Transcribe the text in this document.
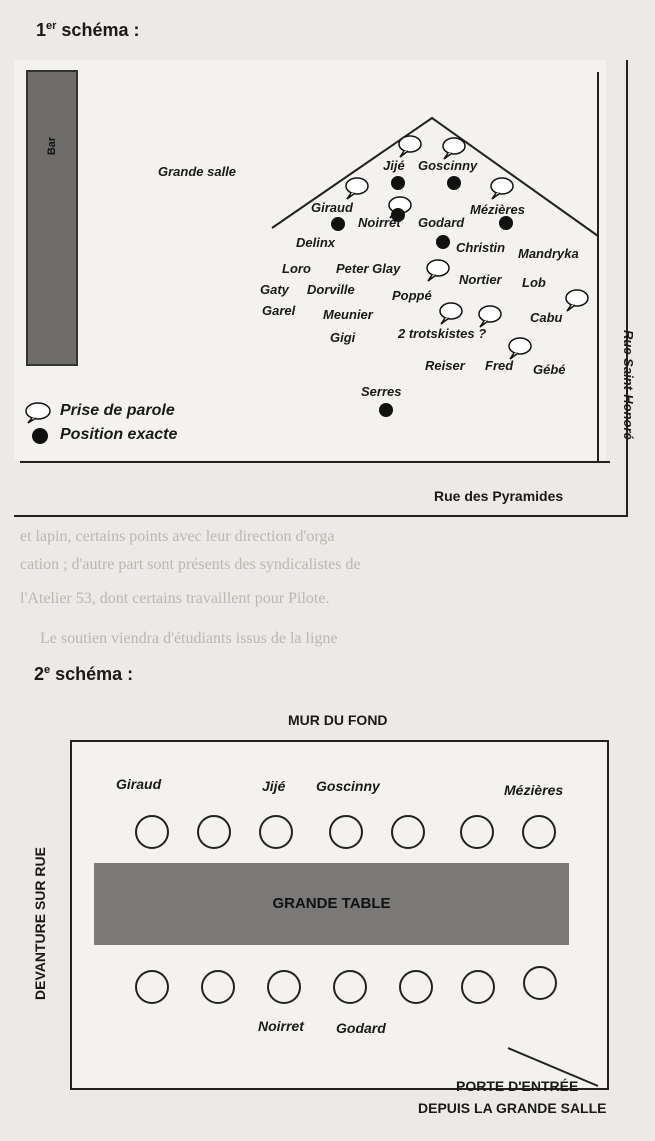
et lapin, certains points avec leur direction d'orga
cation ; d'autre part sont présents des syndicalistes de
l'Atelier 53, dont certains travaillent pour Pilote.
Le soutien viendra d'étudiants issus de la ligne
1er schéma :
Bar
Grande salle	Jijé Goscinny
Giraud	Mézières
Noirret Godard
Delinx	Christin Mandryka
Loro Peter Glay
Nortier Lob
Gaty Dorville	Poppé
Garel Meunier	Cabu
2 trotskistes ?
Gigi
Reiser Fred Gébé
Serres
Prise de parole
Position exacte	Rue Saint-Honoré
Rue des Pyramides
2e schéma :
MUR DU FOND
DEVANTURE SUR RUE	GRANDE TABLE
Giraud	Jijé Goscinny	Mézières
Noirret Godard
PORTE D'ENTRÉE
DEPUIS LA GRANDE SALLE
